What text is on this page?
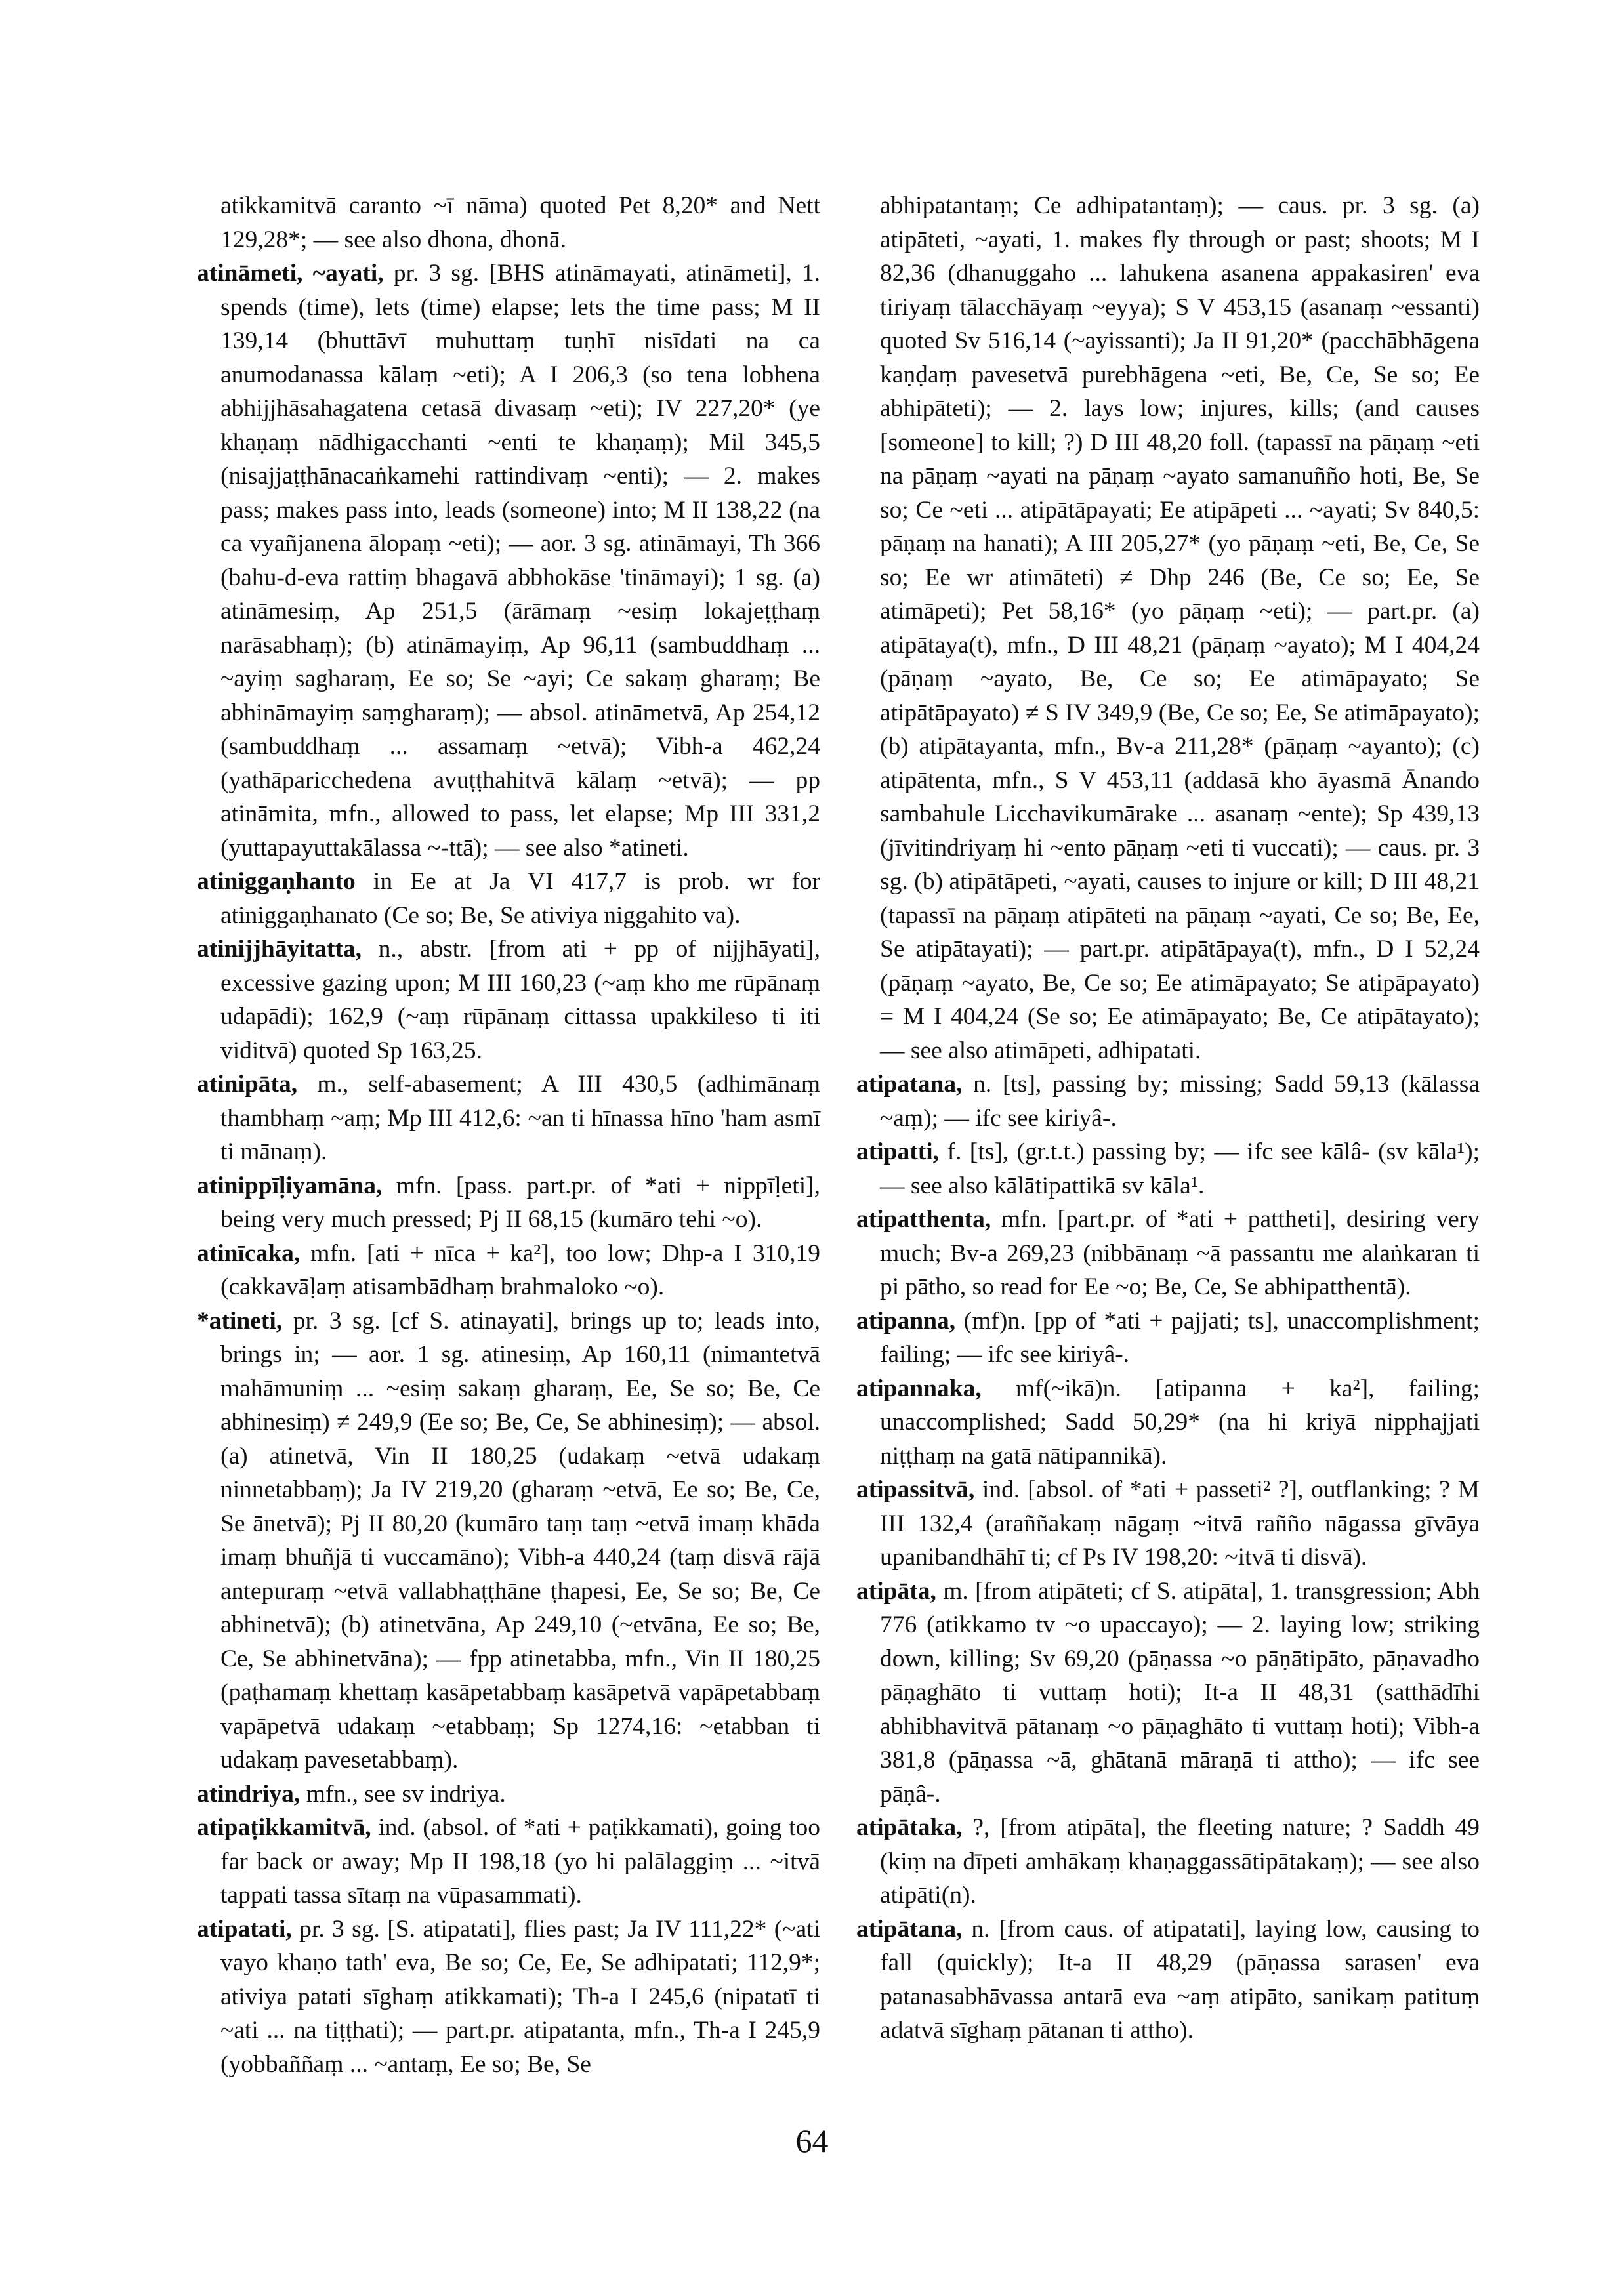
atikkamitvā caranto ~ī nāma) quoted Pet 8,20* and Nett 129,28*; — see also dhona, dhonā.

atināmeti, ~ayati, pr. 3 sg. [BHS atināmayati, atināmeti], 1. spends (time), lets (time) elapse; lets the time pass; M II 139,14 (bhuttāvī muhuttaṃ tuṇhī nisīdati na ca anumodanassa kālaṃ ~eti); A I 206,3 (so tena lobhena abhijjhāsahagatena cetasā divasaṃ ~eti); IV 227,20* (ye khaṇaṃ nādhigacchanti ~enti te khaṇaṃ); Mil 345,5 (nisajjaṭṭhānacaṅkamehi rattindivaṃ ~enti); — 2. makes pass; makes pass into, leads (someone) into; M II 138,22 (na ca vyañjanena ālopaṃ ~eti); — aor. 3 sg. atināmayi, Th 366 (bahu-d-eva rattiṃ bhagavā abbhokāse 'tināmayi); 1 sg. (a) atināmesiṃ, Ap 251,5 (ārāmaṃ ~esiṃ lokajeṭṭhaṃ narāsabhaṃ); (b) atināmayiṃ, Ap 96,11 (sambuddhaṃ ... ~ayiṃ sagharaṃ, Ee so; Se ~ayi; Ce sakaṃ gharaṃ; Be abhināmayiṃ saṃgharaṃ); — absol. atināmetvā, Ap 254,12 (sambuddhaṃ ... assamaṃ ~etvā); Vibh-a 462,24 (yathāparicchedena avuṭṭhahitvā kālaṃ ~etvā); — pp atināmita, mfn., allowed to pass, let elapse; Mp III 331,2 (yuttapayuttakālassa ~-ttā); — see also *atineti.

atiniggaṇhanto in Ee at Ja VI 417,7 is prob. wr for atiniggaṇhanato (Ce so; Be, Se ativiya niggahito va).

atinijjhāyitatta, n., abstr. [from ati + pp of nijjhāyati], excessive gazing upon; M III 160,23 (~aṃ kho me rūpānaṃ udapādi); 162,9 (~aṃ rūpānaṃ cittassa upakkileso ti iti viditvā) quoted Sp 163,25.

atinipāta, m., self-abasement; A III 430,5 (adhimānaṃ thambhaṃ ~aṃ; Mp III 412,6: ~an ti hīnassa hīno 'ham asmī ti mānaṃ).

atinippīḷiyamāna, mfn. [pass. part.pr. of *ati + nippīḷeti], being very much pressed; Pj II 68,15 (kumāro tehi ~o).

atinīcaka, mfn. [ati + nīca + ka²], too low; Dhp-a I 310,19 (cakkavāḷaṃ atisambādhaṃ brahmaloko ~o).

*atineti, pr. 3 sg. [cf S. atinayati], brings up to; leads into, brings in; — aor. 1 sg. atinesiṃ, Ap 160,11 (nimantetvā mahāmuniṃ ... ~esiṃ sakaṃ gharaṃ, Ee, Se so; Be, Ce abhinesiṃ) ≠ 249,9 (Ee so; Be, Ce, Se abhinesiṃ); — absol. (a) atinetvā, Vin II 180,25 (udakaṃ ~etvā udakaṃ ninnetabbaṃ); Ja IV 219,20 (gharaṃ ~etvā, Ee so; Be, Ce, Se ānetvā); Pj II 80,20 (kumāro taṃ taṃ ~etvā imaṃ khāda imaṃ bhuñjā ti vuccamāno); Vibh-a 440,24 (taṃ disvā rājā antepuraṃ ~etvā vallabhaṭṭhāne ṭhapesi, Ee, Se so; Be, Ce abhinetvā); (b) atinetvāna, Ap 249,10 (~etvāna, Ee so; Be, Ce, Se abhinetvāna); — fpp atinetabba, mfn., Vin II 180,25 (paṭhamaṃ khettaṃ kasāpetabbaṃ kasāpetvā vapāpetabbaṃ vapāpetvā udakaṃ ~etabbaṃ; Sp 1274,16: ~etabban ti udakaṃ pavesetabbaṃ).

atindriya, mfn., see sv indriya.

atipaṭikkamitvā, ind. (absol. of *ati + paṭikkamati), going too far back or away; Mp II 198,18 (yo hi palālaggiṃ ... ~itvā tappati tassa sītaṃ na vūpasammati).

atipatati, pr. 3 sg. [S. atipatati], flies past; Ja IV 111,22* (~ati vayo khaṇo tath' eva, Be so; Ce, Ee, Se adhipatati; 112,9*; ativiya patati sīghaṃ atikkamati); Th-a I 245,6 (nipatatī ti ~ati ... na tiṭṭhati); — part.pr. atipatanta, mfn., Th-a I 245,9 (yobbaññaṃ ... ~antaṃ, Ee so; Be, Se

abhipatantaṃ; Ce adhipatantaṃ); — caus. pr. 3 sg. (a) atipāteti, ~ayati, 1. makes fly through or past; shoots; M I 82,36 (dhanuggaho ... lahukena asanena appakasiren' eva tiriyaṃ tālacchāyaṃ ~eyya); S V 453,15 (asanaṃ ~essanti) quoted Sv 516,14 (~ayissanti); Ja II 91,20* (pacchābhāgena kaṇḍaṃ pavesetvā purebhāgena ~eti, Be, Ce, Se so; Ee abhipāteti); — 2. lays low; injures, kills; (and causes [someone] to kill; ?) D III 48,20 foll. (tapassī na pāṇaṃ ~eti na pāṇaṃ ~ayati na pāṇaṃ ~ayato samanuñño hoti, Be, Se so; Ce ~eti ... atipātāpayati; Ee atipāpeti ... ~ayati; Sv 840,5: pāṇaṃ na hanati); A III 205,27* (yo pāṇaṃ ~eti, Be, Ce, Se so; Ee wr atimāteti) ≠ Dhp 246 (Be, Ce so; Ee, Se atimāpeti); Pet 58,16* (yo pāṇaṃ ~eti); — part.pr. (a) atipātaya(t), mfn., D III 48,21 (pāṇaṃ ~ayato); M I 404,24 (pāṇaṃ ~ayato, Be, Ce so; Ee atimāpayato; Se atipātāpayato) ≠ S IV 349,9 (Be, Ce so; Ee, Se atimāpayato); (b) atipātayanta, mfn., Bv-a 211,28* (pāṇaṃ ~ayanto); (c) atipātenta, mfn., S V 453,11 (addasā kho āyasmā Ānando sambahule Licchavikumārake ... asanaṃ ~ente); Sp 439,13 (jīvitindriyaṃ hi ~ento pāṇaṃ ~eti ti vuccati); — caus. pr. 3 sg. (b) atipātāpeti, ~ayati, causes to injure or kill; D III 48,21 (tapassī na pāṇaṃ atipāteti na pāṇaṃ ~ayati, Ce so; Be, Ee, Se atipātayati); — part.pr. atipātāpaya(t), mfn., D I 52,24 (pāṇaṃ ~ayato, Be, Ce so; Ee atimāpayato; Se atipāpayato) = M I 404,24 (Se so; Ee atimāpayato; Be, Ce atipātayato); — see also atimāpeti, adhipatati.

atipatana, n. [ts], passing by; missing; Sadd 59,13 (kālassa ~aṃ); — ifc see kiriyâ-.

atipatti, f. [ts], (gr.t.t.) passing by; — ifc see kālâ- (sv kāla¹); — see also kālātipattikā sv kāla¹.

atipatthenta, mfn. [part.pr. of *ati + pattheti], desiring very much; Bv-a 269,23 (nibbānaṃ ~ā passantu me alaṅkaran ti pi pātho, so read for Ee ~o; Be, Ce, Se abhipatthentā).

atipanna, (mf)n. [pp of *ati + pajjati; ts], unaccomplishment; failing; — ifc see kiriyâ-.

atipannaka, mf(~ikā)n. [atipanna + ka²], failing; unaccomplished; Sadd 50,29* (na hi kriyā nipphajjati niṭṭhaṃ na gatā nātipannikā).

atipassitvā, ind. [absol. of *ati + passeti² ?], outflanking; ? M III 132,4 (araññakaṃ nāgaṃ ~itvā rañño nāgassa gīvāya upanibandhāhī ti; cf Ps IV 198,20: ~itvā ti disvā).

atipāta, m. [from atipāteti; cf S. atipāta], 1. transgression; Abh 776 (atikkamo tv ~o upaccayo); — 2. laying low; striking down, killing; Sv 69,20 (pāṇassa ~o pāṇātipāto, pāṇavadho pāṇaghāto ti vuttaṃ hoti); It-a II 48,31 (satthādīhi abhibhavitvā pātanaṃ ~o pāṇaghāto ti vuttaṃ hoti); Vibh-a 381,8 (pāṇassa ~ā, ghātanā māraṇā ti attho); — ifc see pāṇâ-.

atipātaka, ?, [from atipāta], the fleeting nature; ? Saddh 49 (kiṃ na dīpeti amhākaṃ khaṇaggassātipātakaṃ); — see also atipāti(n).

atipātana, n. [from caus. of atipatati], laying low, causing to fall (quickly); It-a II 48,29 (pāṇassa sarasen' eva patanasabhāvassa antarā eva ~aṃ atipāto, sanikaṃ patituṃ adatvā sīghaṃ pātanan ti attho).

64
